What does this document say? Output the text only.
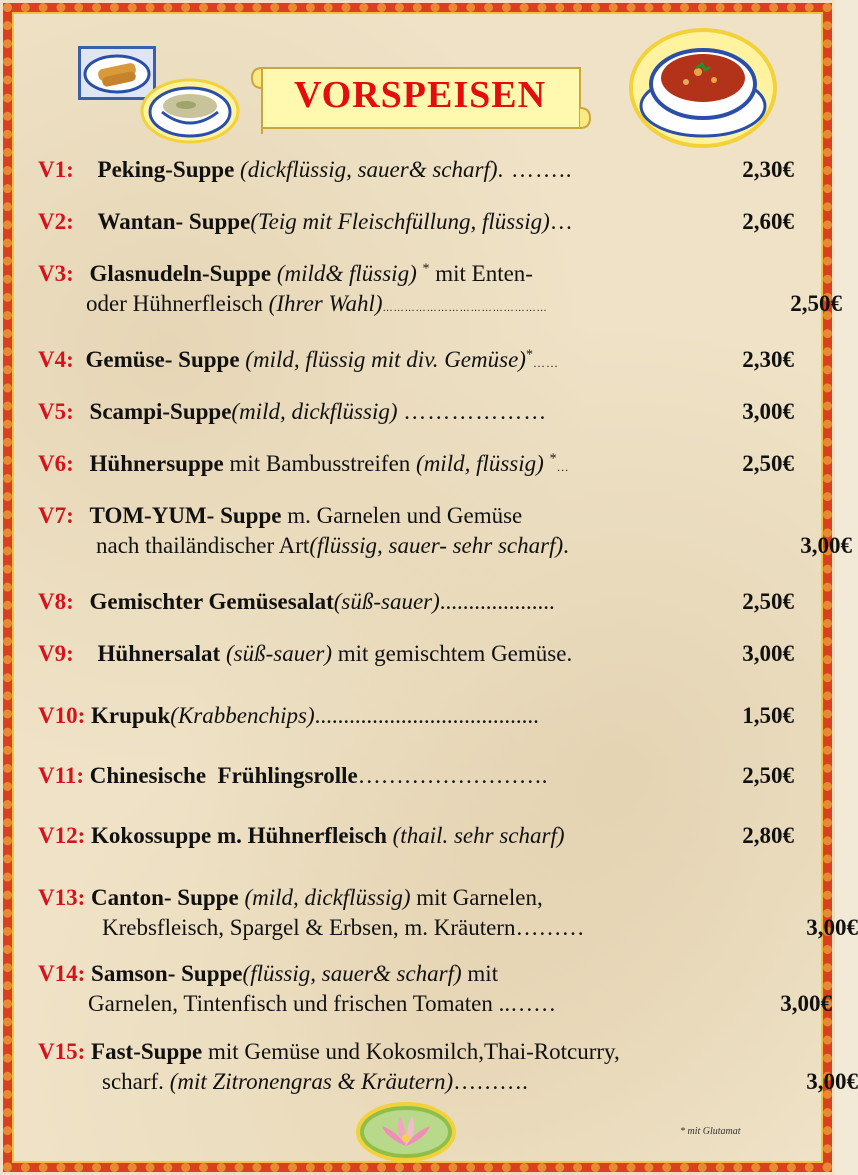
VORSPEISEN
V1: Peking-Suppe (dickflüssig, sauer& scharf). ……..	2,30€
V2: Wantan- Suppe(Teig mit Fleischfüllung, flüssig)…	2,60€
V3: Glasnudeln-Suppe (mild& flüssig) * mit Enten-
oder Hühnerfleisch (Ihrer Wahl)………………………………………	2,50€
V4: Gemüse- Suppe (mild, flüssig mit div. Gemüse)*……	2,30€
V5: Scampi-Suppe(mild, dickflüssig) ………………	3,00€
V6: Hühnersuppe mit Bambusstreifen (mild, flüssig) *…	2,50€
V7: TOM-YUM- Suppe m. Garnelen und Gemüse
nach thailändischer Art(flüssig, sauer- sehr scharf).	3,00€
V8: Gemischter Gemüsesalat(süß-sauer)....................	2,50€
V9: Hühnersalat (süß-sauer) mit gemischtem Gemüse.	3,00€
V10: Krupuk(Krabbenchips).......................................	1,50€
V11: Chinesische  Frühlingsrolle…………………….	2,50€
V12: Kokossuppe m. Hühnerfleisch (thail. sehr scharf)	2,80€
V13: Canton- Suppe (mild, dickflüssig) mit Garnelen,
Krebsfleisch, Spargel & Erbsen, m. Kräutern………	3,00€
V14: Samson- Suppe(flüssig, sauer& scharf) mit
Garnelen, Tintenfisch und frischen Tomaten ..……	3,00€
V15: Fast-Suppe mit Gemüse und Kokosmilch,Thai-Rotcurry,
scharf. (mit Zitronengras & Kräutern)……….	3,00€
* mit Glutamat
